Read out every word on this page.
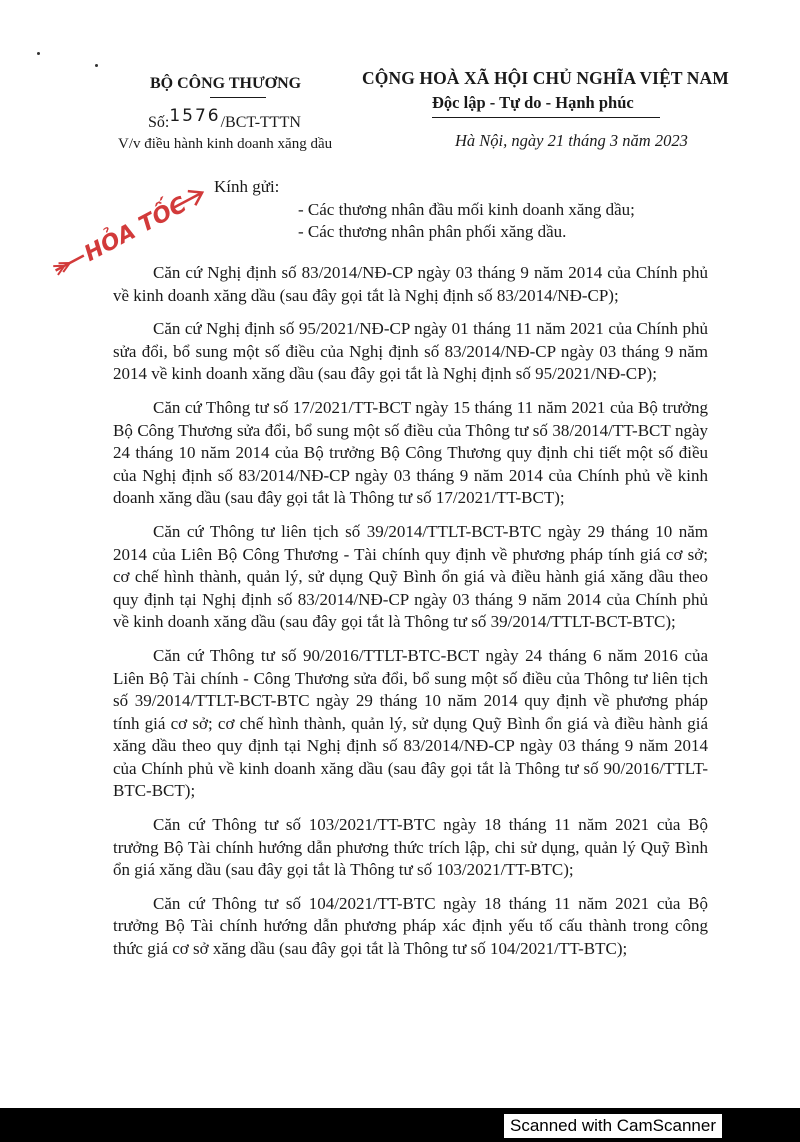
BỘ CÔNG THƯƠNG
Số:1576/BCT-TTTN
V/v điều hành kinh doanh xăng dầu
CỘNG HOÀ XÃ HỘI CHỦ NGHĨA VIỆT NAM
Độc lập - Tự do - Hạnh phúc
Hà Nội, ngày 21 tháng 3 năm 2023
HỎA TỐC
Kính gửi:
- Các thương nhân đầu mối kinh doanh xăng dầu;
- Các thương nhân phân phối xăng dầu.

Căn cứ Nghị định số 83/2014/NĐ-CP ngày 03 tháng 9 năm 2014 của Chính phủ về kinh doanh xăng dầu (sau đây gọi tắt là Nghị định số 83/2014/NĐ-CP);

Căn cứ Nghị định số 95/2021/NĐ-CP ngày 01 tháng 11 năm 2021 của Chính phủ sửa đổi, bổ sung một số điều của Nghị định số 83/2014/NĐ-CP ngày 03 tháng 9 năm 2014 về kinh doanh xăng dầu (sau đây gọi tắt là Nghị định số 95/2021/NĐ-CP);

Căn cứ Thông tư số 17/2021/TT-BCT ngày 15 tháng 11 năm 2021 của Bộ trưởng Bộ Công Thương sửa đổi, bổ sung một số điều của Thông tư số 38/2014/TT-BCT ngày 24 tháng 10 năm 2014 của Bộ trưởng Bộ Công Thương quy định chi tiết một số điều của Nghị định số 83/2014/NĐ-CP ngày 03 tháng 9 năm 2014 của Chính phủ về kinh doanh xăng dầu (sau đây gọi tắt là Thông tư số 17/2021/TT-BCT);

Căn cứ Thông tư liên tịch số 39/2014/TTLT-BCT-BTC ngày 29 tháng 10 năm 2014 của Liên Bộ Công Thương - Tài chính quy định về phương pháp tính giá cơ sở; cơ chế hình thành, quản lý, sử dụng Quỹ Bình ổn giá và điều hành giá xăng dầu theo quy định tại Nghị định số 83/2014/NĐ-CP ngày 03 tháng 9 năm 2014 của Chính phủ về kinh doanh xăng dầu (sau đây gọi tắt là Thông tư số 39/2014/TTLT-BCT-BTC);

Căn cứ Thông tư số 90/2016/TTLT-BTC-BCT ngày 24 tháng 6 năm 2016 của Liên Bộ Tài chính - Công Thương sửa đổi, bổ sung một số điều của Thông tư liên tịch số 39/2014/TTLT-BCT-BTC ngày 29 tháng 10 năm 2014 quy định về phương pháp tính giá cơ sở; cơ chế hình thành, quản lý, sử dụng Quỹ Bình ổn giá và điều hành giá xăng dầu theo quy định tại Nghị định số 83/2014/NĐ-CP ngày 03 tháng 9 năm 2014 của Chính phủ về kinh doanh xăng dầu (sau đây gọi tắt là Thông tư số 90/2016/TTLT-BTC-BCT);

Căn cứ Thông tư số 103/2021/TT-BTC ngày 18 tháng 11 năm 2021 của Bộ trưởng Bộ Tài chính hướng dẫn phương thức trích lập, chi sử dụng, quản lý Quỹ Bình ổn giá xăng dầu (sau đây gọi tắt là Thông tư số 103/2021/TT-BTC);

Căn cứ Thông tư số 104/2021/TT-BTC ngày 18 tháng 11 năm 2021 của Bộ trưởng Bộ Tài chính hướng dẫn phương pháp xác định yếu tố cấu thành trong công thức giá cơ sở xăng dầu (sau đây gọi tắt là Thông tư số 104/2021/TT-BTC);

Scanned with CamScanner
